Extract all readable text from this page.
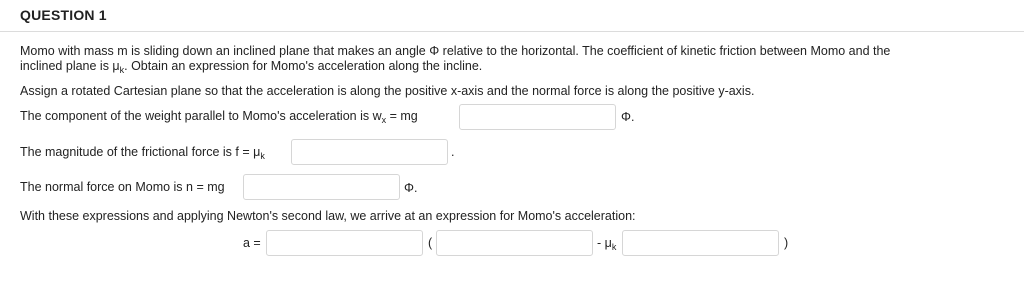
QUESTION 1
Momo with mass m is sliding down an inclined plane that makes an angle Φ relative to the horizontal. The coefficient of kinetic friction between Momo and the
inclined plane is $\mu_k$. Obtain an expression for Momo's acceleration along the incline.
Assign a rotated Cartesian plane so that the acceleration is along the positive x-axis and the normal force is along the positive y-axis.
The component of the weight parallel to Momo's acceleration is $w_x$ = mg	Φ.
The magnitude of the frictional force is $f = \mu_k$	.
The normal force on Momo is n = mg	Φ.
With these expressions and applying Newton's second law, we arrive at an expression for Momo's acceleration:
a =	(	- $\mu_k$	)
